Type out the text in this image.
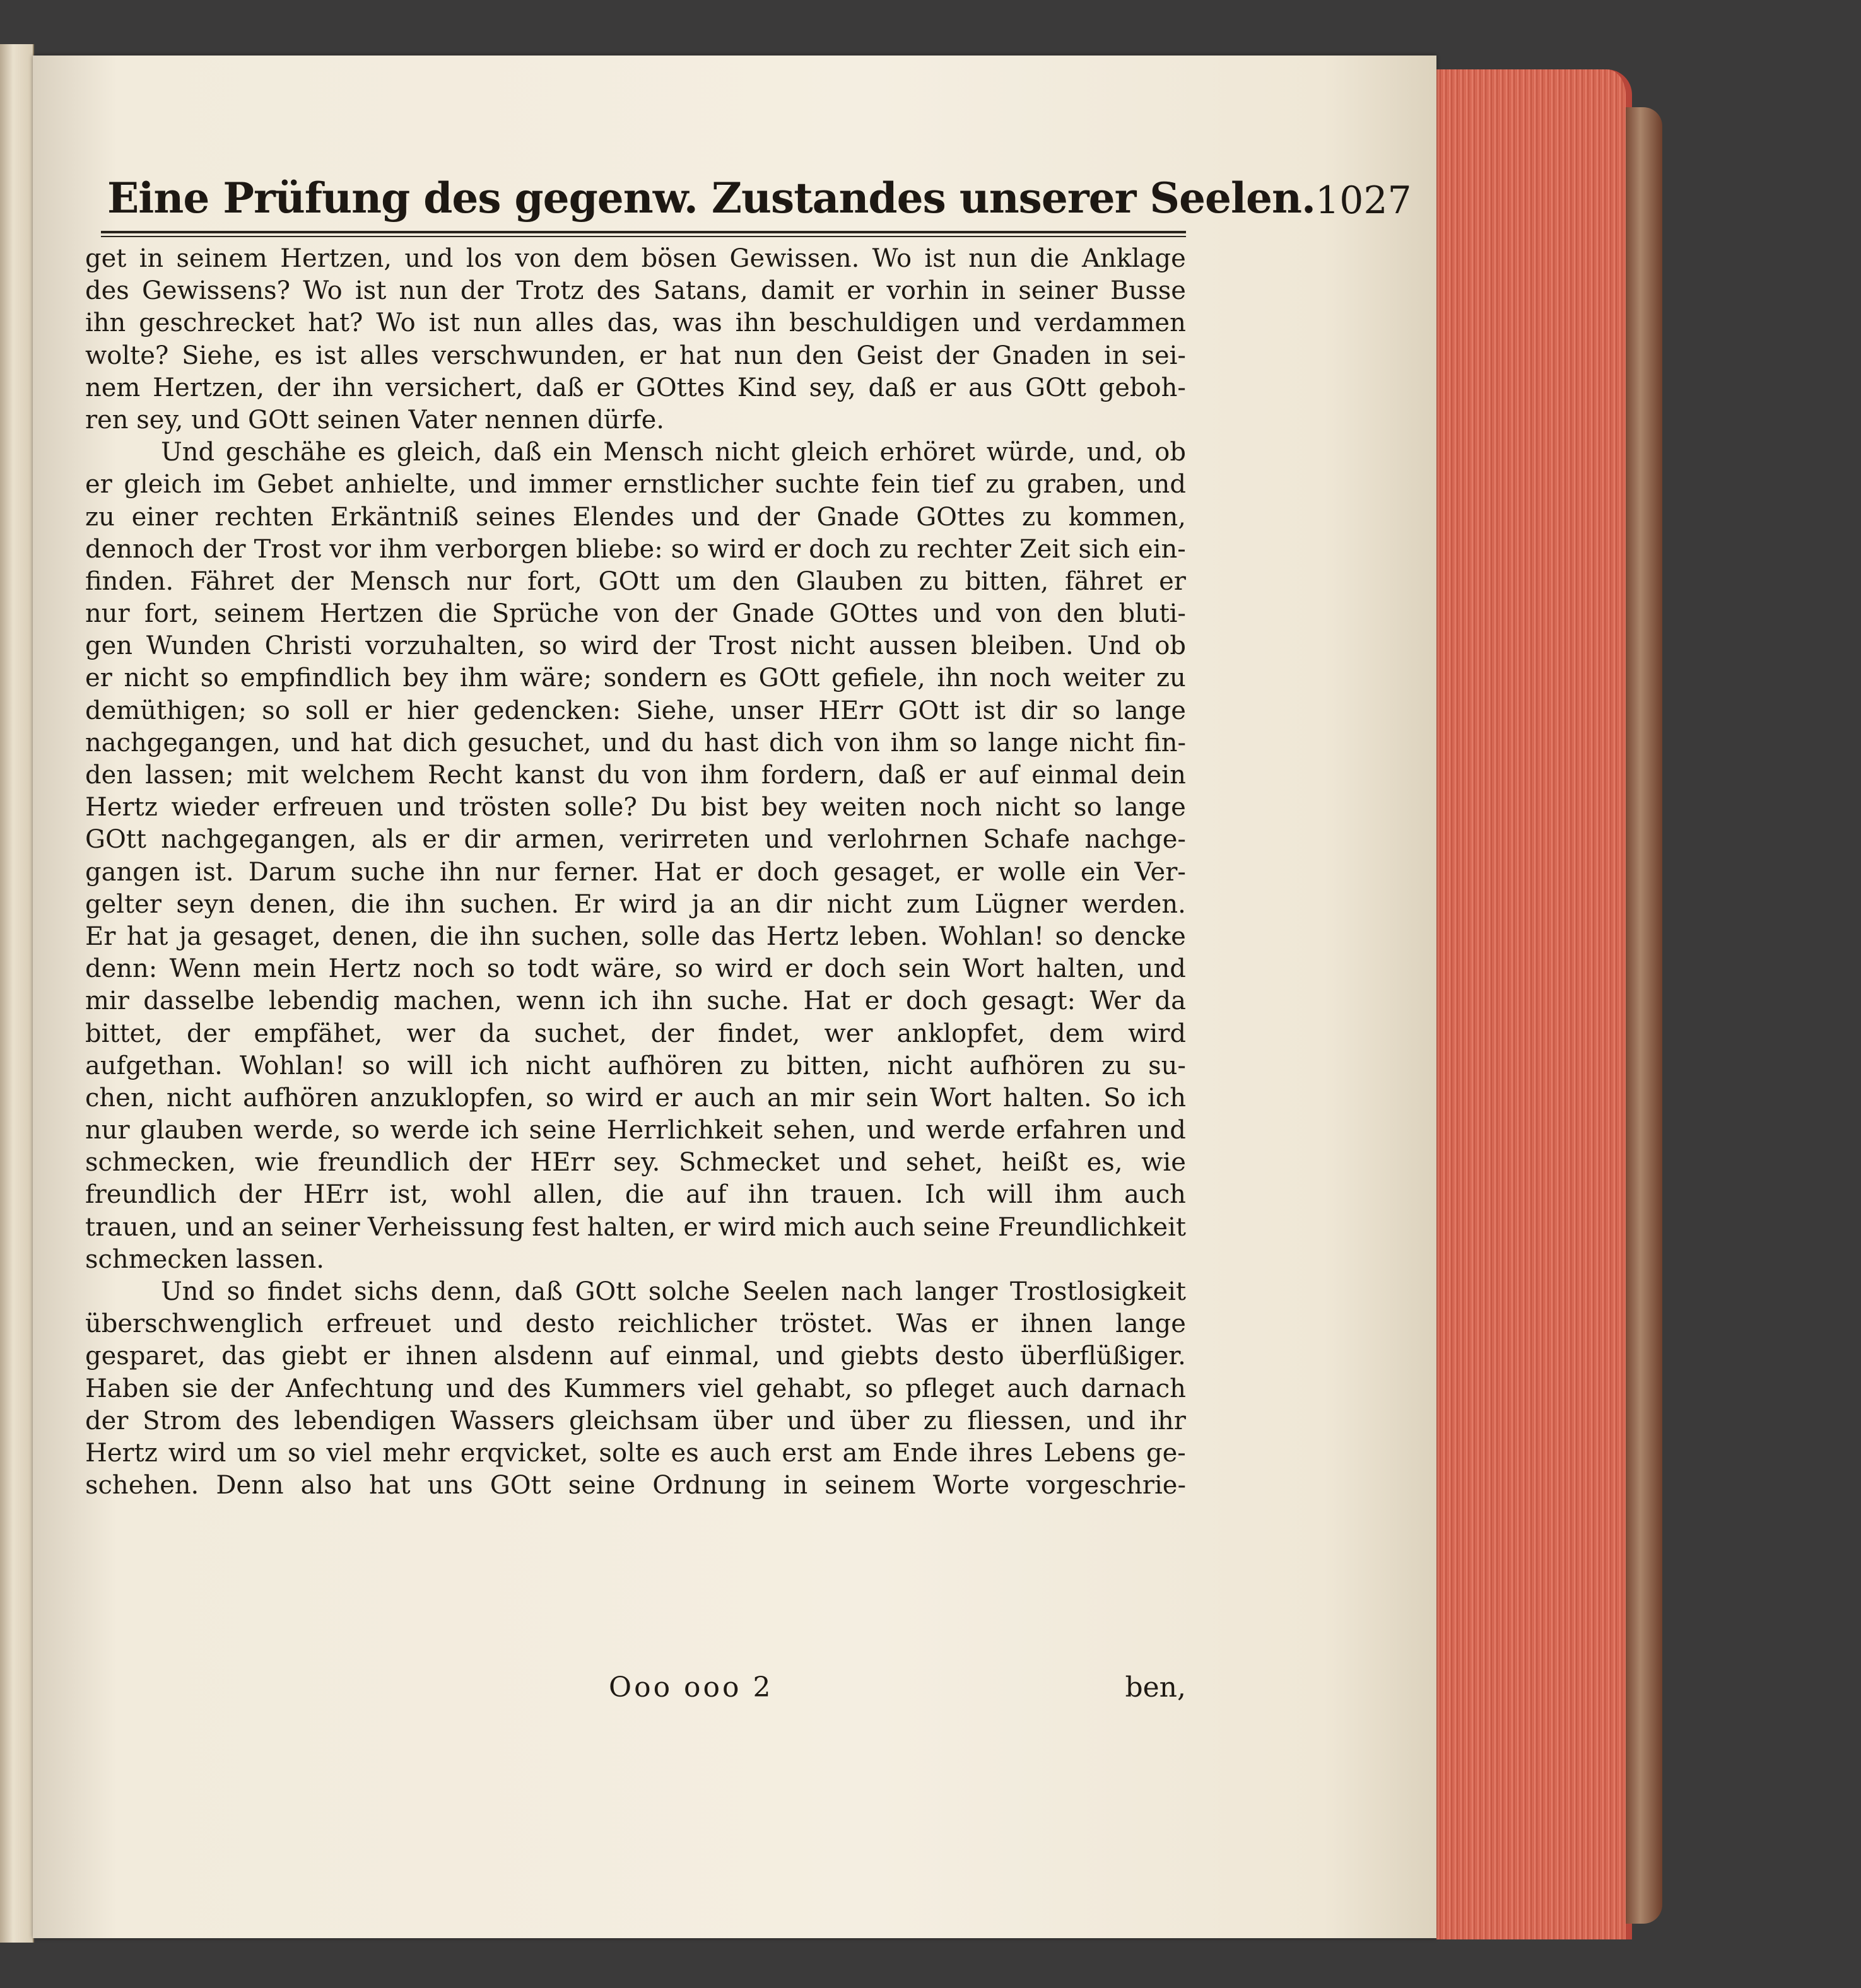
Eine Prüfung des gegenw. Zustandes unserer Seelen. 1027
get in seinem Hertzen, und los von dem bösen Gewissen. Wo ist nun die Anklage
des Gewissens? Wo ist nun der Trotz des Satans, damit er vorhin in seiner Busse
ihn geschrecket hat? Wo ist nun alles das, was ihn beschuldigen und verdammen
wolte? Siehe, es ist alles verschwunden, er hat nun den Geist der Gnaden in sei-
nem Hertzen, der ihn versichert, daß er GOttes Kind sey, daß er aus GOtt geboh-
ren sey, und GOtt seinen Vater nennen dürfe.
Und geschähe es gleich, daß ein Mensch nicht gleich erhöret würde, und, ob
er gleich im Gebet anhielte, und immer ernstlicher suchte fein tief zu graben, und
zu einer rechten Erkäntniß seines Elendes und der Gnade GOttes zu kommen,
dennoch der Trost vor ihm verborgen bliebe: so wird er doch zu rechter Zeit sich ein-
finden. Fähret der Mensch nur fort, GOtt um den Glauben zu bitten, fähret er
nur fort, seinem Hertzen die Sprüche von der Gnade GOttes und von den bluti-
gen Wunden Christi vorzuhalten, so wird der Trost nicht aussen bleiben. Und ob
er nicht so empfindlich bey ihm wäre; sondern es GOtt gefiele, ihn noch weiter zu
demüthigen; so soll er hier gedencken: Siehe, unser HErr GOtt ist dir so lange
nachgegangen, und hat dich gesuchet, und du hast dich von ihm so lange nicht fin-
den lassen; mit welchem Recht kanst du von ihm fordern, daß er auf einmal dein
Hertz wieder erfreuen und trösten solle? Du bist bey weiten noch nicht so lange
GOtt nachgegangen, als er dir armen, verirreten und verlohrnen Schafe nachge-
gangen ist. Darum suche ihn nur ferner. Hat er doch gesaget, er wolle ein Ver-
gelter seyn denen, die ihn suchen. Er wird ja an dir nicht zum Lügner werden.
Er hat ja gesaget, denen, die ihn suchen, solle das Hertz leben. Wohlan! so dencke
denn: Wenn mein Hertz noch so todt wäre, so wird er doch sein Wort halten, und
mir dasselbe lebendig machen, wenn ich ihn suche. Hat er doch gesagt: Wer da
bittet, der empfähet, wer da suchet, der findet, wer anklopfet, dem wird
aufgethan. Wohlan! so will ich nicht aufhören zu bitten, nicht aufhören zu su-
chen, nicht aufhören anzuklopfen, so wird er auch an mir sein Wort halten. So ich
nur glauben werde, so werde ich seine Herrlichkeit sehen, und werde erfahren und
schmecken, wie freundlich der HErr sey. Schmecket und sehet, heißt es, wie
freundlich der HErr ist, wohl allen, die auf ihn trauen. Ich will ihm auch
trauen, und an seiner Verheissung fest halten, er wird mich auch seine Freundlichkeit
schmecken lassen.
Und so findet sichs denn, daß GOtt solche Seelen nach langer Trostlosigkeit
überschwenglich erfreuet und desto reichlicher tröstet. Was er ihnen lange
gesparet, das giebt er ihnen alsdenn auf einmal, und giebts desto überflüßiger.
Haben sie der Anfechtung und des Kummers viel gehabt, so pfleget auch darnach
der Strom des lebendigen Wassers gleichsam über und über zu fliessen, und ihr
Hertz wird um so viel mehr erqvicket, solte es auch erst am Ende ihres Lebens ge-
schehen. Denn also hat uns GOtt seine Ordnung in seinem Worte vorgeschrie-
Ooo ooo 2	ben,
